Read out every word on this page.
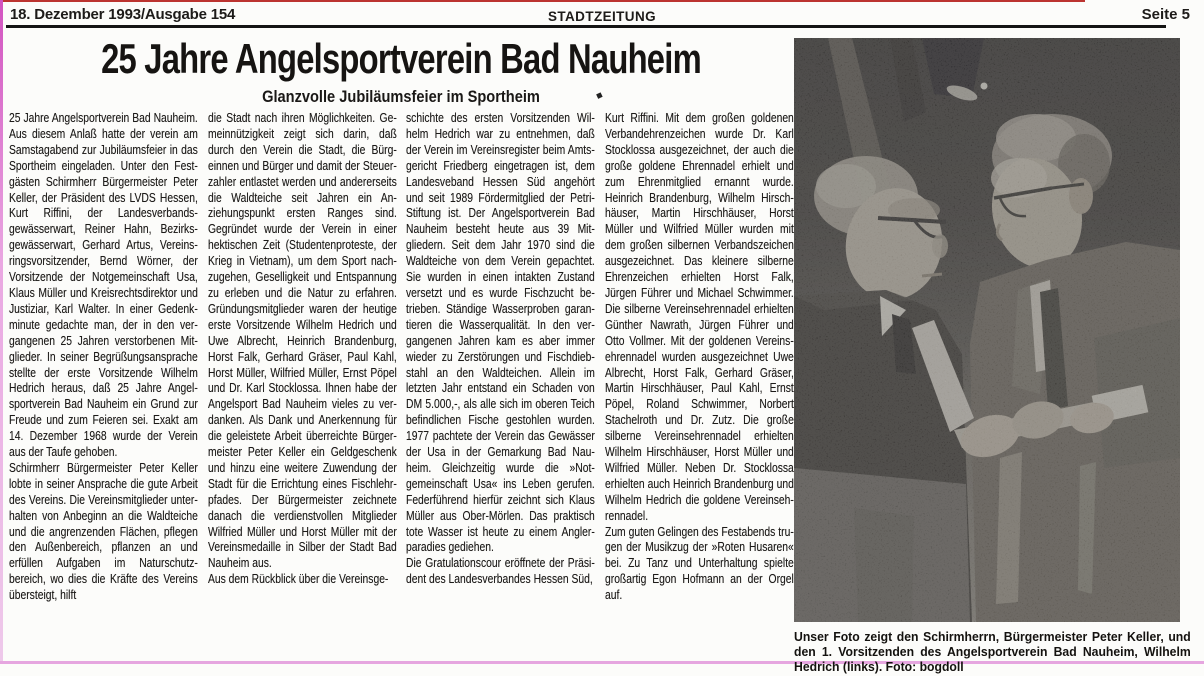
18. Dezember 1993/Ausgabe 154	STADTZEITUNG	Seite 5
25 Jahre Angelsportverein Bad Nauheim
Glanzvolle Jubiläumsfeier im Sportheim	◆

25 Jahre Angelsportverein Bad Nauheim. Aus diesem Anlaß hatte der verein am Samstagabend zur Jubiläumsfeier in das Sportheim eingeladen. Unter den Festgästen Schirmherr Bürgermeister Peter Keller, der Präsident des LVDS Hessen, Kurt Riffini, der Landesverbandsgewässerwart, Reiner Hahn, Bezirksgewässerwart, Gerhard Artus, Vereinsringsvorsitzender, Bernd Wörner, der Vorsitzende der Notgemeinschaft Usa, Klaus Müller und Kreisrechtsdirektor und Justiziar, Karl Walter. In einer Gedenkminute gedachte man, der in den vergangenen 25 Jahren verstorbenen Mitglieder. In seiner Begrüßungsansprache stellte der erste Vorsitzende Wilhelm Hedrich heraus, daß 25 Jahre Angelsportverein Bad Nauheim ein Grund zur Freude und zum Feieren sei. Exakt am 14. Dezember 1968 wurde der Verein aus der Taufe gehoben.

Schirmherr Bürgermeister Peter Keller lobte in seiner Ansprache die gute Arbeit des Vereins. Die Vereinsmitglieder unterhalten von Anbeginn an die Waldteiche und die angrenzenden Flächen, pflegen den Außenbereich, pflanzen an und erfüllen Aufgaben im Naturschutzbereich, wo dies die Kräfte des Vereins übersteigt, hilft

die Stadt nach ihren Möglichkeiten. Gemeinnützigkeit zeigt sich darin, daß durch den Verein die Stadt, die Bürgeinnen und Bürger und damit der Steuerzahler entlastet werden und andererseits die Waldteiche seit Jahren ein Anziehungspunkt ersten Ranges sind. Gegründet wurde der Verein in einer hektischen Zeit (Studentenproteste, der Krieg in Vietnam), um dem Sport nachzugehen, Geselligkeit und Entspannung zu erleben und die Natur zu erfahren. Gründungsmitglieder waren der heutige erste Vorsitzende Wilhelm Hedrich und Uwe Albrecht, Heinrich Brandenburg, Horst Falk, Gerhard Gräser, Paul Kahl, Horst Müller, Wilfried Müller, Ernst Pöpel und Dr. Karl Stocklossa. Ihnen habe der Angelsport Bad Nauheim vieles zu verdanken. Als Dank und Anerkennung für die geleistete Arbeit überreichte Bürgermeister Peter Keller ein Geldgeschenk und hinzu eine weitere Zuwendung der Stadt für die Errichtung eines Fischlehrpfades. Der Bürgermeister zeichnete danach die verdienstvollen Mitglieder Wilfried Müller und Horst Müller mit der Vereinsmedaille in Silber der Stadt Bad Nauheim aus.

Aus dem Rückblick über die Vereinsge-

schichte des ersten Vorsitzenden Wilhelm Hedrich war zu entnehmen, daß der Verein im Vereinsregister beim Amtsgericht Friedberg eingetragen ist, dem Landesveband Hessen Süd angehört und seit 1989 Fördermitglied der Petri-Stiftung ist. Der Angelsportverein Bad Nauheim besteht heute aus 39 Mitgliedern. Seit dem Jahr 1970 sind die Waldteiche von dem Verein gepachtet. Sie wurden in einen intakten Zustand versetzt und es wurde Fischzucht betrieben. Ständige Wasserproben garantieren die Wasserqualität. In den vergangenen Jahren kam es aber immer wieder zu Zerstörungen und Fischdiebstahl an den Waldteichen. Allein im letzten Jahr entstand ein Schaden von DM 5.000,-, als alle sich im oberen Teich befindlichen Fische gestohlen wurden. 1977 pachtete der Verein das Gewässer der Usa in der Gemarkung Bad Nauheim. Gleichzeitig wurde die »Notgemeinschaft Usa« ins Leben gerufen. Federführend hierfür zeichnt sich Klaus Müller aus Ober-Mörlen. Das praktisch tote Wasser ist heute zu einem Anglerparadies gediehen.

Die Gratulationscour eröffnete der Präsident des Landesverbandes Hessen Süd,

Kurt Riffini. Mit dem großen goldenen Verbandehrenzeichen wurde Dr. Karl Stocklossa ausgezeichnet, der auch die große goldene Ehrennadel erhielt und zum Ehrenmitglied ernannt wurde. Heinrich Brandenburg, Wilhelm Hirschhäuser, Martin Hirschhäuser, Horst Müller und Wilfried Müller wurden mit dem großen silbernen Verbandszeichen ausgezeichnet. Das kleinere silberne Ehrenzeichen erhielten Horst Falk, Jürgen Führer und Michael Schwimmer. Die silberne Vereinsehrennadel erhielten Günther Nawrath, Jürgen Führer und Otto Vollmer. Mit der goldenen Vereinsehrennadel wurden ausgezeichnet Uwe Albrecht, Horst Falk, Gerhard Gräser, Martin Hirschhäuser, Paul Kahl, Ernst Pöpel, Roland Schwimmer, Norbert Stachelroth und Dr. Zutz. Die große silberne Vereinsehrennadel erhielten Wilhelm Hirschhäuser, Horst Müller und Wilfried Müller. Neben Dr. Stocklossa erhielten auch Heinrich Brandenburg und Wilhelm Hedrich die goldene Vereinsehrennadel.

Zum guten Gelingen des Festabends trugen der Musikzug der »Roten Husaren« bei. Zu Tanz und Unterhaltung spielte großartig Egon Hofmann an der Orgel auf.

Unser Foto zeigt den Schirmherrn, Bürgermeister Peter Keller, und den 1. Vorsitzenden des Angelsportverein Bad Nauheim, Wilhelm Hedrich (links). Foto: bogdoll
